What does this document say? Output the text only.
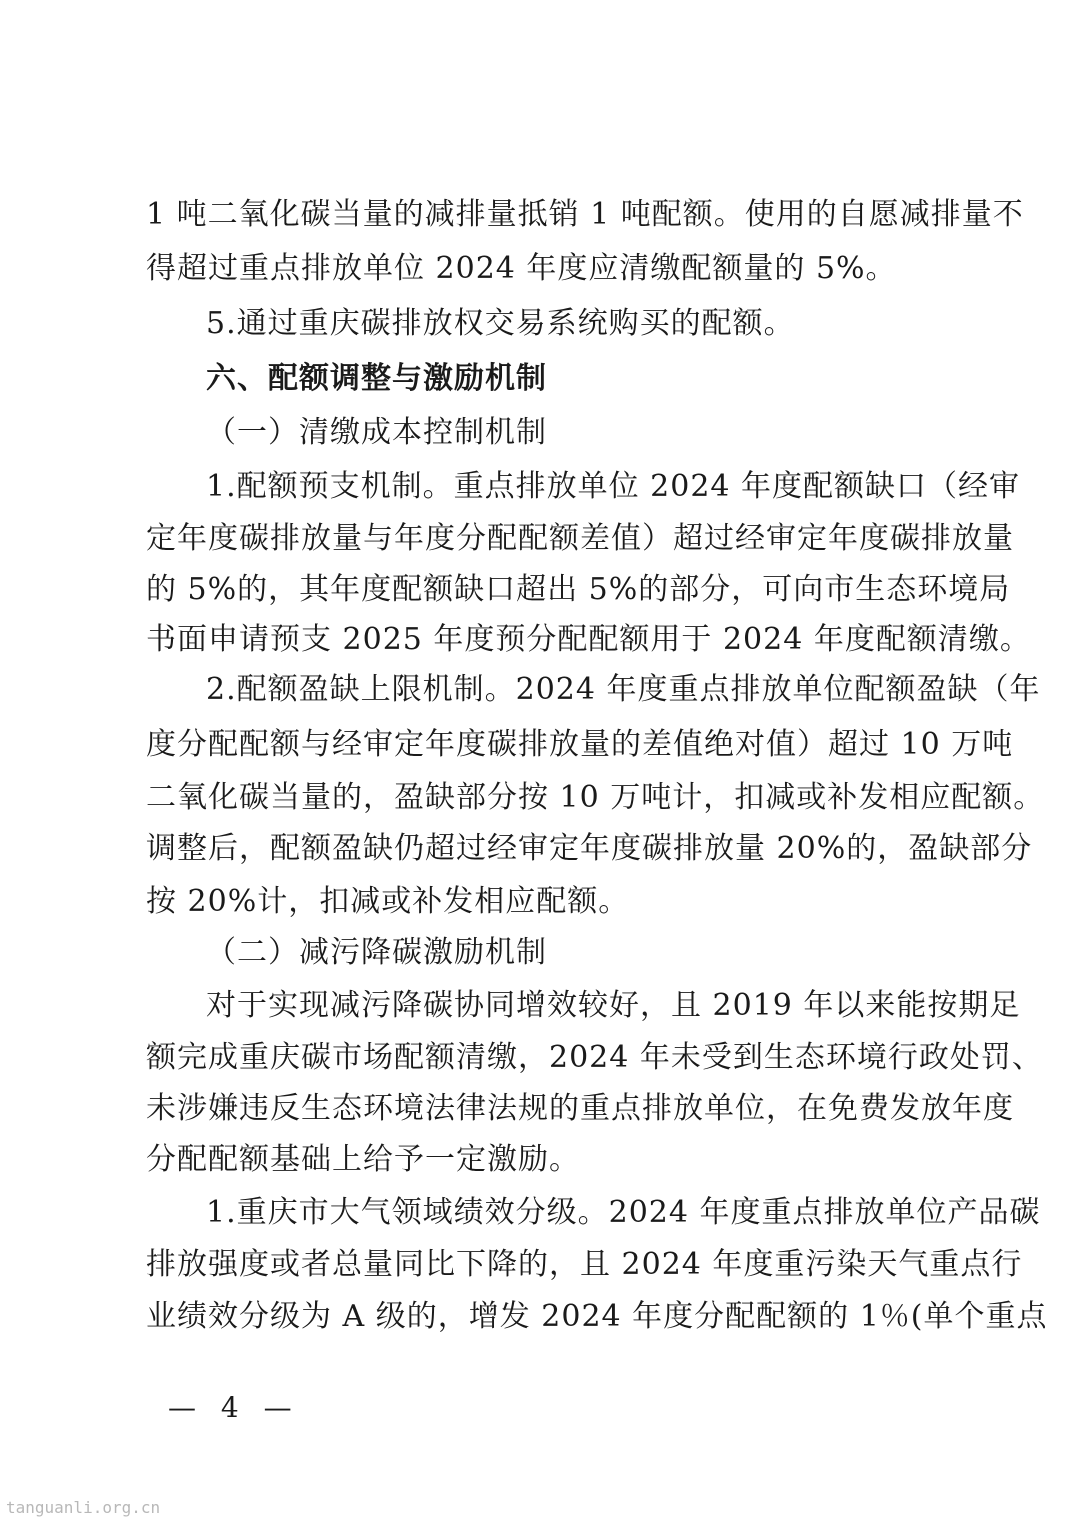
1 吨二氧化碳当量的减排量抵销 1 吨配额。使用的自愿减排量不
得超过重点排放单位 2024 年度应清缴配额量的 5%。
5.通过重庆碳排放权交易系统购买的配额。
六、配额调整与激励机制
（一）清缴成本控制机制
1.配额预支机制。重点排放单位 2024 年度配额缺口（经审
定年度碳排放量与年度分配配额差值）超过经审定年度碳排放量
的 5%的，其年度配额缺口超出 5%的部分，可向市生态环境局
书面申请预支 2025 年度预分配配额用于 2024 年度配额清缴。
2.配额盈缺上限机制。2024 年度重点排放单位配额盈缺（年
度分配配额与经审定年度碳排放量的差值绝对值）超过 10 万吨
二氧化碳当量的，盈缺部分按 10 万吨计，扣减或补发相应配额。
调整后，配额盈缺仍超过经审定年度碳排放量 20%的，盈缺部分
按 20%计，扣减或补发相应配额。
（二）减污降碳激励机制
对于实现减污降碳协同增效较好，且 2019 年以来能按期足
额完成重庆碳市场配额清缴，2024 年未受到生态环境行政处罚、
未涉嫌违反生态环境法律法规的重点排放单位，在免费发放年度
分配配额基础上给予一定激励。
1.重庆市大气领域绩效分级。2024 年度重点排放单位产品碳
排放强度或者总量同比下降的，且 2024 年度重污染天气重点行
业绩效分级为 A 级的，增发 2024 年度分配配额的 1％(单个重点
— 4 —
tanguanli.org.cn
